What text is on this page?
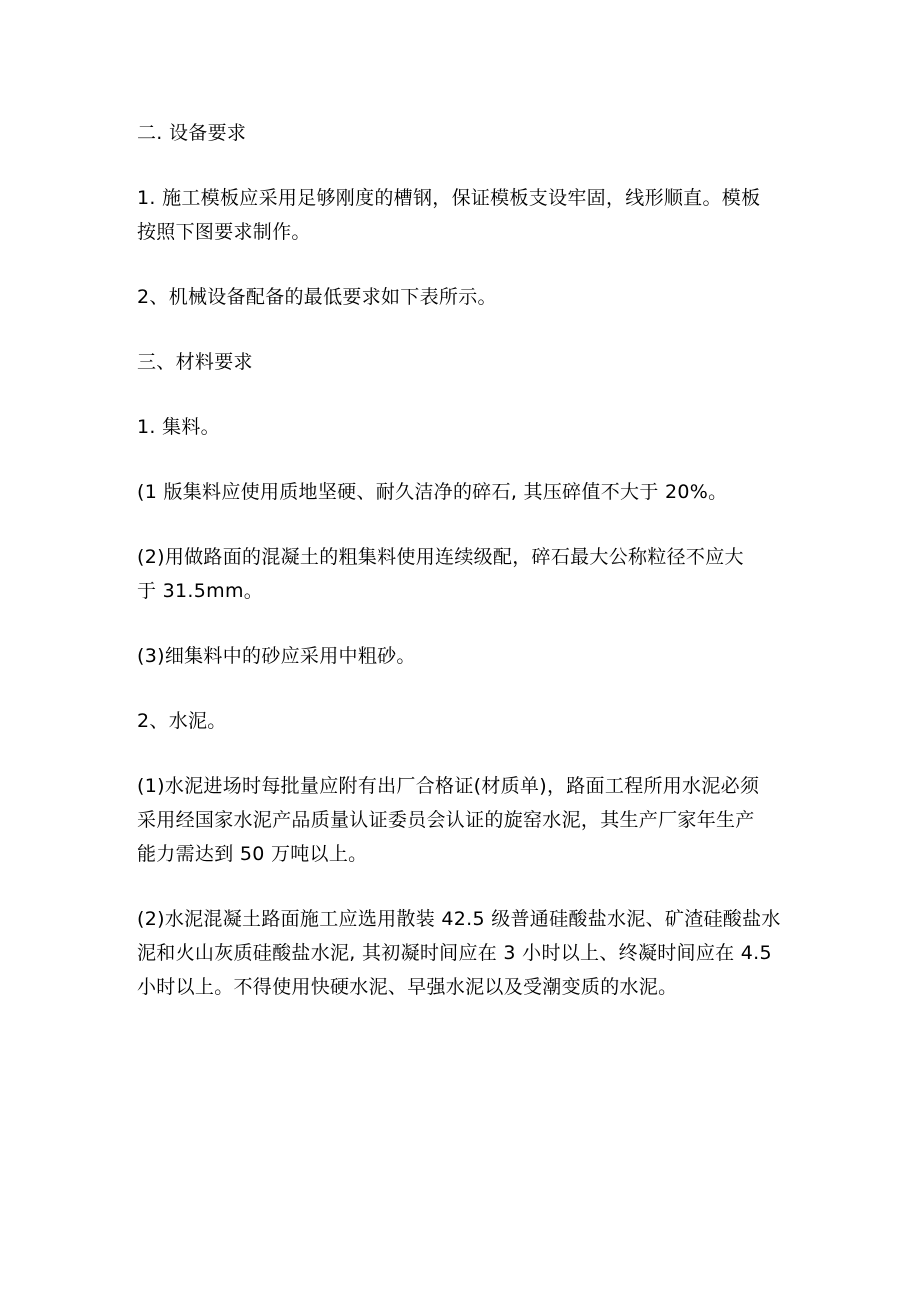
二. 设备要求

1. 施工模板应采用足够刚度的槽钢，保证模板支设牢固，线形顺直。模板
按照下图要求制作。

2、机械设备配备的最低要求如下表所示。

三、材料要求

1. 集料。

(1 版集料应使用质地坚硬、耐久洁净的碎石, 其压碎值不大于 20%。

(2)用做路面的混凝土的粗集料使用连续级配，碎石最大公称粒径不应大
于 31.5mm。

(3)细集料中的砂应采用中粗砂。

2、水泥。

(1)水泥进场时每批量应附有出厂合格证(材质单)，路面工程所用水泥必须
采用经国家水泥产品质量认证委员会认证的旋窑水泥，其生产厂家年生产
能力需达到 50 万吨以上。

(2)水泥混凝土路面施工应选用散装 42.5 级普通硅酸盐水泥、矿渣硅酸盐水
泥和火山灰质硅酸盐水泥, 其初凝时间应在 3 小时以上、终凝时间应在 4.5
小时以上。不得使用快硬水泥、早强水泥以及受潮变质的水泥。
